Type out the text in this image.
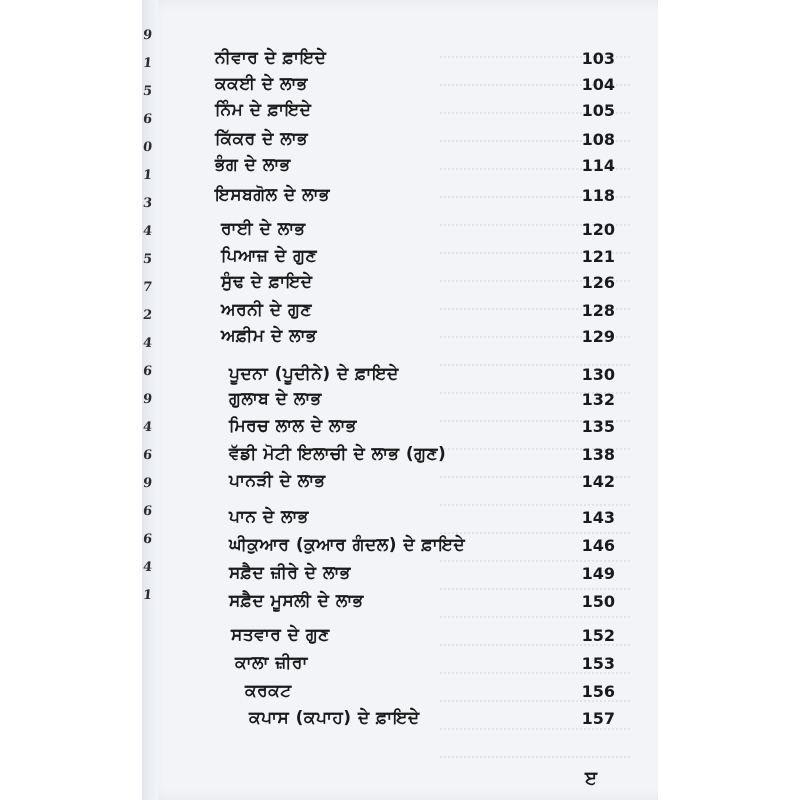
9
1
5
6
0
1
3
4
5
7
2
4
6
9
4
6
9
6
6
4
1
ਨੀਵਾਰ ਦੇ ਫ਼ਾਇਦੇ	103
ਕਕਈ ਦੇ ਲਾਭ	104
ਨਿੰਮ ਦੇ ਫ਼ਾਇਦੇ	105
ਕਿੱਕਰ ਦੇ ਲਾਭ	108
ਭੰਗ ਦੇ ਲਾਭ	114
ਇਸਬਗੋਲ ਦੇ ਲਾਭ	118
ਰਾਈ ਦੇ ਲਾਭ	120
ਪਿਆਜ਼ ਦੇ ਗੁਣ	121
ਸੁੰਢ ਦੇ ਫ਼ਾਇਦੇ	126
ਅਰਨੀ ਦੇ ਗੁਣ	128
ਅਫ਼ੀਮ ਦੇ ਲਾਭ	129
ਪੂਦਨਾ (ਪੂਦੀਨੇ) ਦੇ ਫ਼ਾਇਦੇ	130
ਗੁਲਾਬ ਦੇ ਲਾਭ	132
ਮਿਰਚ ਲਾਲ ਦੇ ਲਾਭ	135
ਵੱਡੀ ਮੋਟੀ ਇਲਾਚੀ ਦੇ ਲਾਭ (ਗੁਣ)	138
ਪਾਨੜੀ ਦੇ ਲਾਭ	142
ਪਾਨ ਦੇ ਲਾਭ	143
ਘੀਕੁਆਰ (ਕੁਆਰ ਗੰਦਲ) ਦੇ ਫ਼ਾਇਦੇ	146
ਸਫ਼ੈਦ ਜ਼ੀਰੇ ਦੇ ਲਾਭ	149
ਸਫ਼ੈਦ ਮੂਸਲੀ ਦੇ ਲਾਭ	150
ਸਤਵਾਰ ਦੇ ਗੁਣ	152
ਕਾਲਾ ਜ਼ੀਰਾ	153
ਕਰਕਟ	156
ਕਪਾਸ (ਕਪਾਹ) ਦੇ ਫ਼ਾਇਦੇ	157
ੲ
